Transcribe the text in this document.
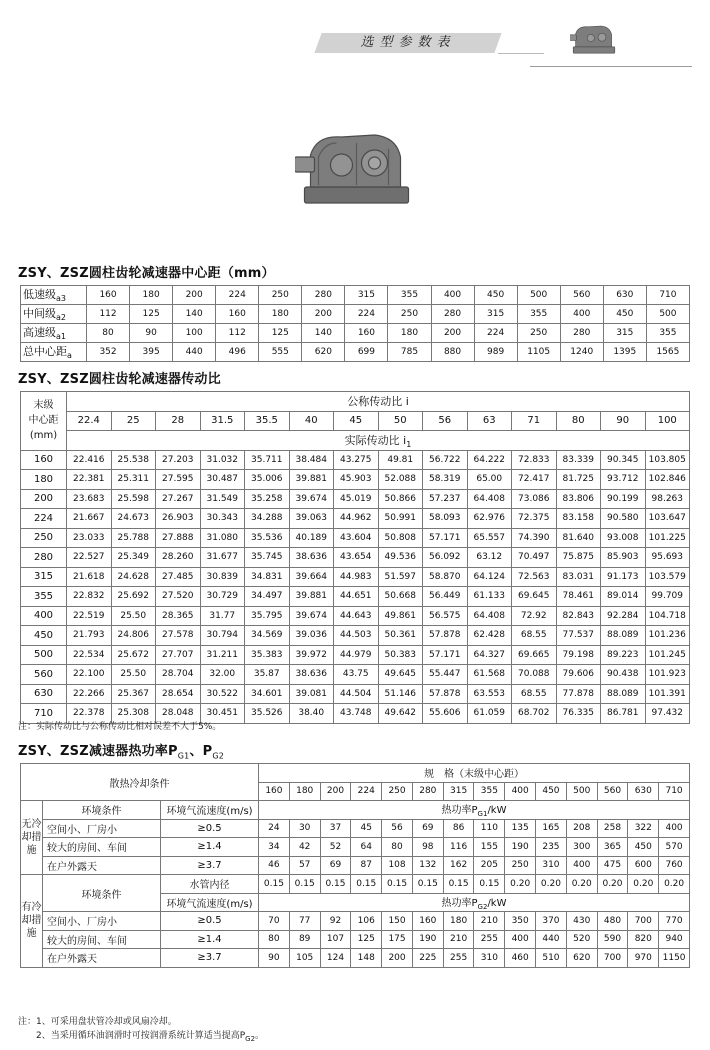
选型参数表
ZSY、ZSZ圆柱齿轮减速器中心距（mm）
低速级$_{a3}$	160	180	200	224	250	280	315	355	400	450	500	560	630	710
中间级$_{a2}$	112	125	140	160	180	200	224	250	280	315	355	400	450	500
高速级$_{a1}$	80	90	100	112	125	140	160	180	200	224	250	280	315	355
总中心距$_a$	352	395	440	496	555	620	699	785	880	989	1105	1240	1395	1565
ZSY、ZSZ圆柱齿轮减速器传动比
末级
中心距
(mm)	公称传动比 i													
	22.4	25	28	31.5	35.5	40	45	50	56	63	71	80	90	100
	实际传动比 $i_1$
160	22.416	25.538	27.203	31.032	35.711	38.484	43.275	49.81	56.722	64.222	72.833	83.339	90.345	103.805
180	22.381	25.311	27.595	30.487	35.006	39.881	45.903	52.088	58.319	65.00	72.417	81.725	93.712	102.846
200	23.683	25.598	27.267	31.549	35.258	39.674	45.019	50.866	57.237	64.408	73.086	83.806	90.199	98.263
224	21.667	24.673	26.903	30.343	34.288	39.063	44.962	50.991	58.093	62.976	72.375	83.158	90.580	103.647
250	23.033	25.788	27.888	31.080	35.536	40.189	43.604	50.808	57.171	65.557	74.390	81.640	93.008	101.225
280	22.527	25.349	28.260	31.677	35.745	38.636	43.654	49.536	56.092	63.12	70.497	75.875	85.903	95.693
315	21.618	24.628	27.485	30.839	34.831	39.664	44.983	51.597	58.870	64.124	72.563	83.031	91.173	103.579
355	22.832	25.692	27.520	30.729	34.497	39.881	44.651	50.668	56.449	61.133	69.645	78.461	89.014	99.709
400	22.519	25.50	28.365	31.77	35.795	39.674	44.643	49.861	56.575	64.408	72.92	82.843	92.284	104.718
450	21.793	24.806	27.578	30.794	34.569	39.036	44.503	50.361	57.878	62.428	68.55	77.537	88.089	101.236
500	22.534	25.672	27.707	31.211	35.383	39.972	44.979	50.383	57.171	64.327	69.665	79.198	89.223	101.245
560	22.100	25.50	28.704	32.00	35.87	38.636	43.75	49.645	55.447	61.568	70.088	79.606	90.438	101.923
630	22.266	25.367	28.654	30.522	34.601	39.081	44.504	51.146	57.878	63.553	68.55	77.878	88.089	101.391
710	22.378	25.308	28.048	30.451	35.526	38.40	43.748	49.642	55.606	61.059	68.702	76.335	86.781	97.432
注：实际传动比与公称传动比相对误差不大于5%。
ZSY、ZSZ减速器热功率$P_{G1}$、$P_{G2}$
散热冷却条件			规　格（末级中心距）													
			160	180	200	224	250	280	315	355	400	450	500	560	630	710
无冷却措施	环境条件	环境气流速度(m/s)	热功率$P_{G1}/kW$													
	空间小、厂房小	≥0.5	24	30	37	45	56	69	86	110	135	165	208	258	322	400
	较大的房间、车间	≥1.4	34	42	52	64	80	98	116	155	190	235	300	365	450	570
	在户外露天	≥3.7	46	57	69	87	108	132	162	205	250	310	400	475	600	760
有冷却措施	环境条件	水管内径	0.15	0.15	0.15	0.15	0.15	0.15	0.15	0.15	0.20	0.20	0.20	0.20	0.20	0.20
		环境气流速度(m/s)	热功率$P_{G2}/kW$													
	空间小、厂房小	≥0.5	70	77	92	106	150	160	180	210	350	370	430	480	700	770
	较大的房间、车间	≥1.4	80	89	107	125	175	190	210	255	400	440	520	590	820	940
	在户外露天	≥3.7	90	105	124	148	200	225	255	310	460	510	620	700	970	1150
注：1、可采用盘状管冷却或风扇冷却。
　　2、当采用循环油润滑时可按润滑系统计算适当提高$P_{G2}$。
